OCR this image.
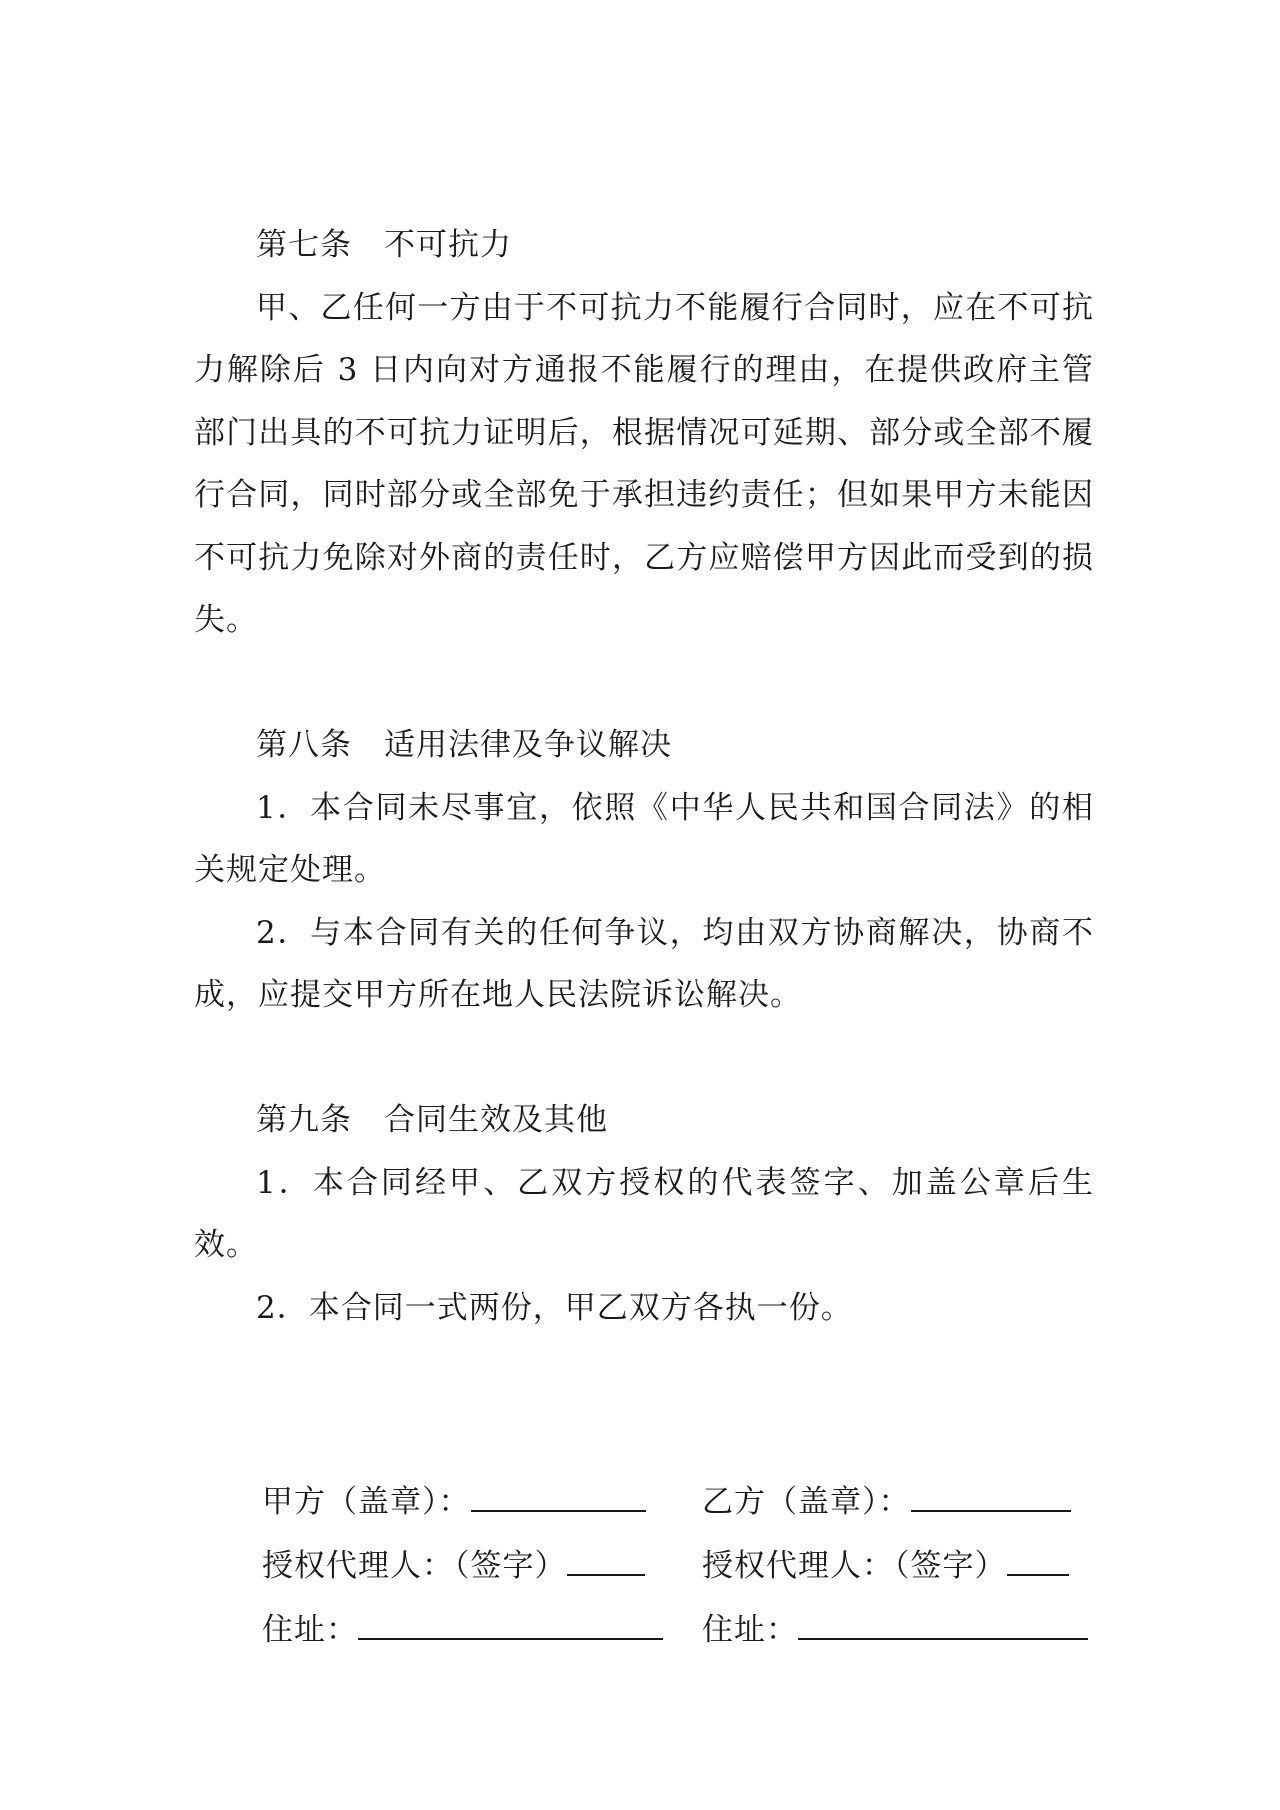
第七条　不可抗力

甲、乙任何一方由于不可抗力不能履行合同时，应在不可抗力解除后 3 日内向对方通报不能履行的理由，在提供政府主管部门出具的不可抗力证明后，根据情况可延期、部分或全部不履行合同，同时部分或全部免于承担违约责任；但如果甲方未能因不可抗力免除对外商的责任时，乙方应赔偿甲方因此而受到的损失。

第八条　适用法律及争议解决

1．本合同未尽事宜，依照《中华人民共和国合同法》的相关规定处理。

2．与本合同有关的任何争议，均由双方协商解决，协商不成，应提交甲方所在地人民法院诉讼解决。

第九条　合同生效及其他

1．本合同经甲、乙双方授权的代表签字、加盖公章后生效。

2．本合同一式两份，甲乙双方各执一份。

甲方（盖章）：	乙方（盖章）：
授权代理人：（签字）	授权代理人：（签字）
住址：	住址：
